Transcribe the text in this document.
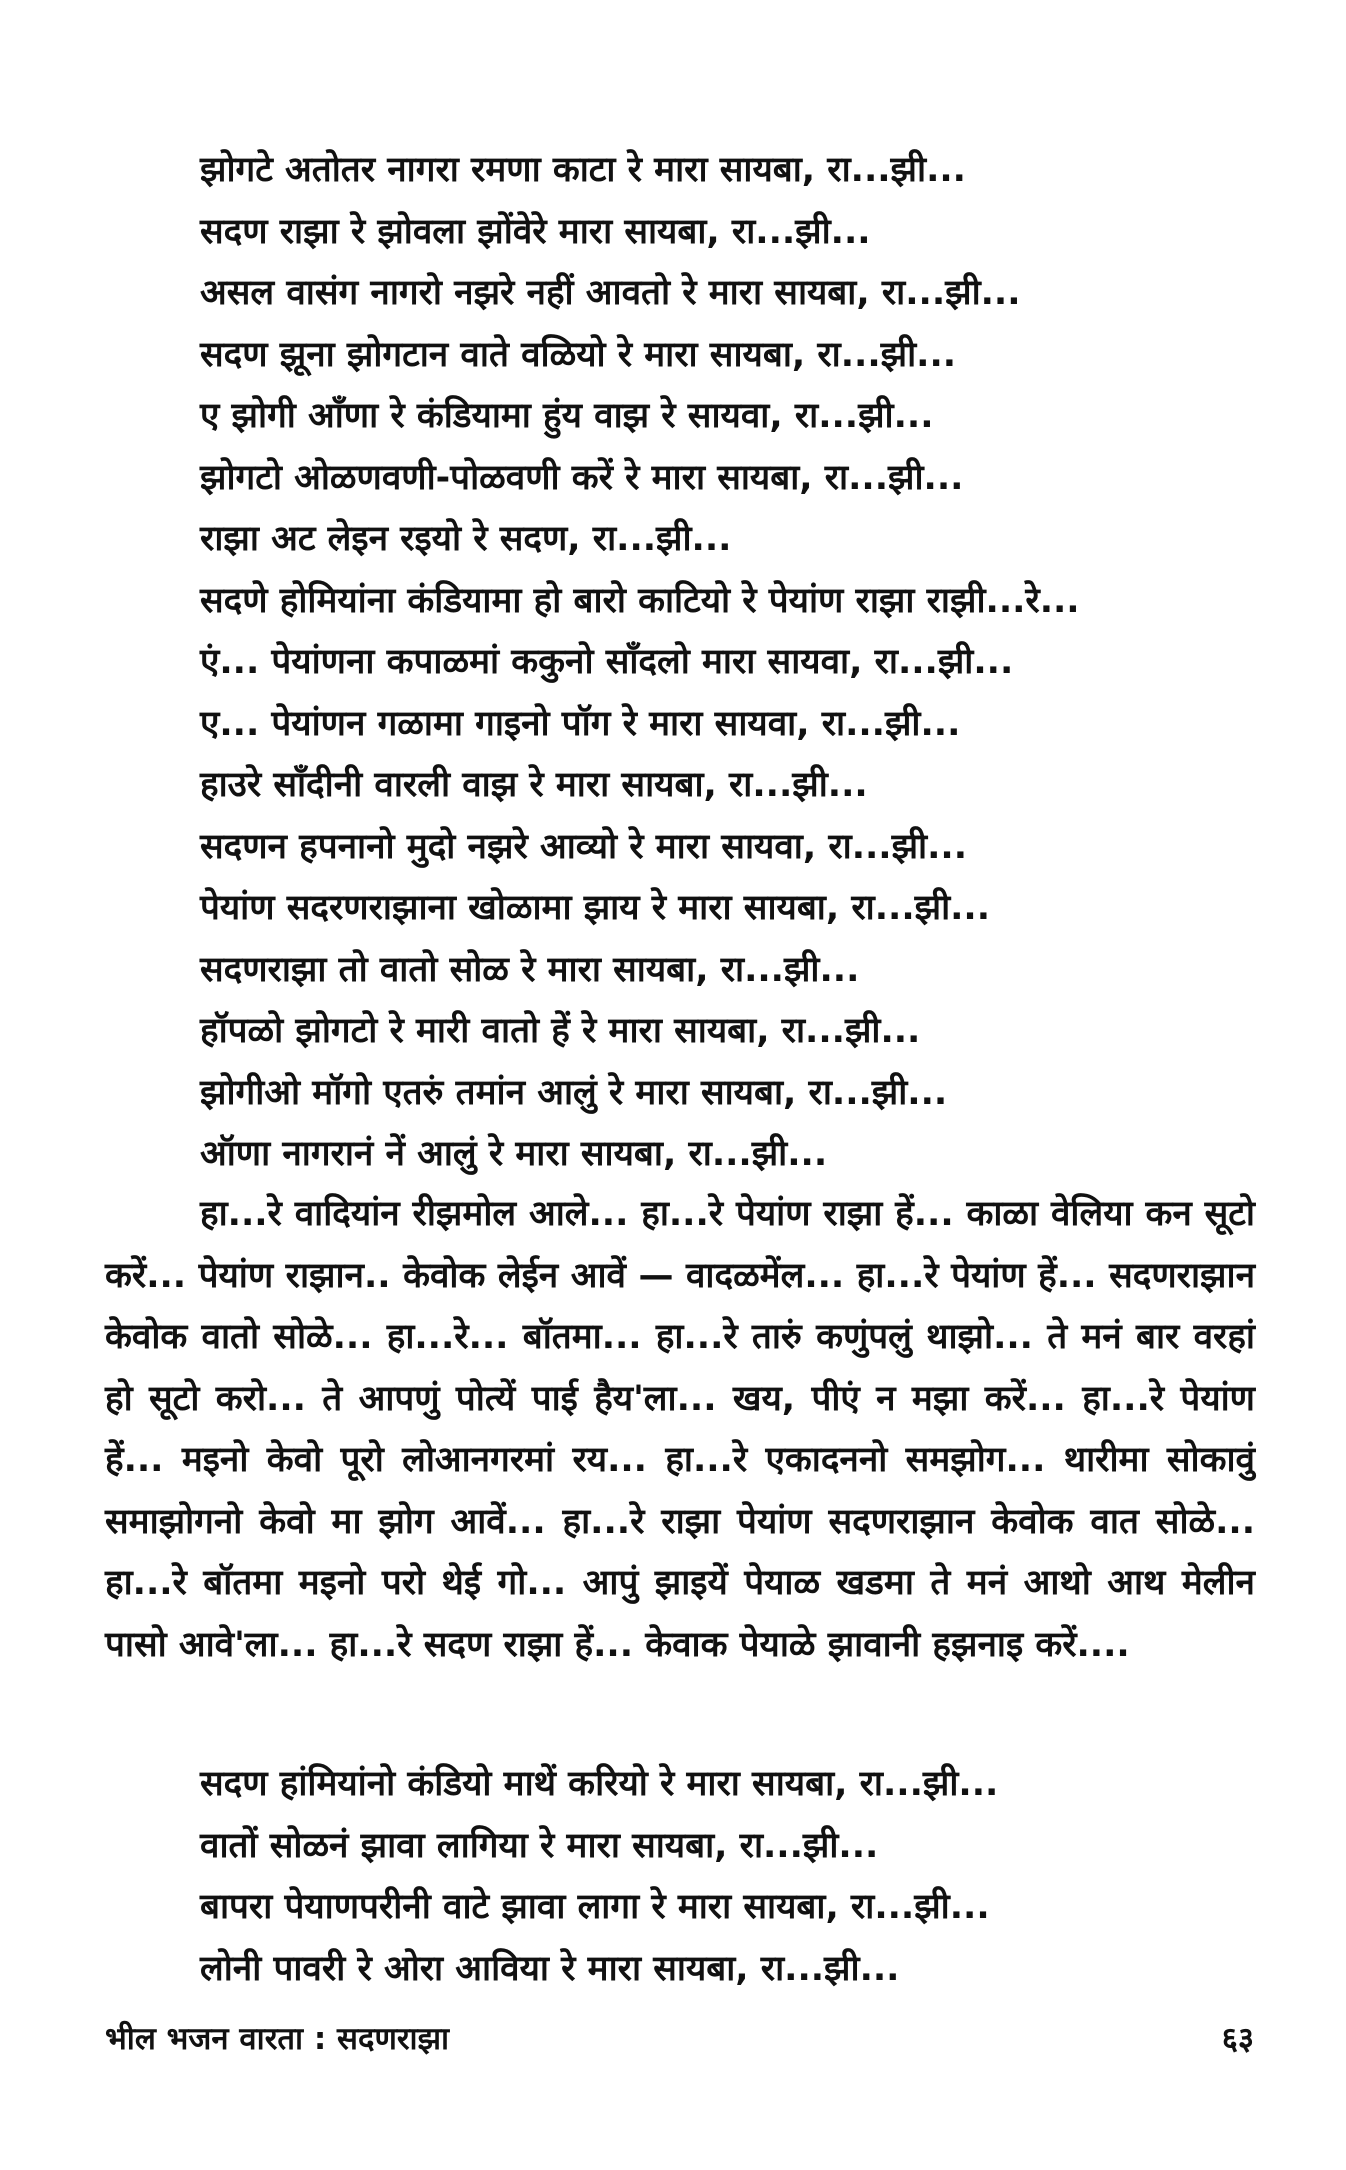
झोगटे अतोतर नागरा रमणा काटा रे मारा सायबा, रा...झी...
सदण राझा रे झोवला झोंवेरे मारा सायबा, रा...झी...
असल वासंग नागरो नझरे नहीं आवतो रे मारा सायबा, रा...झी...
सदण झूना झोगटान वाते वळियो रे मारा सायबा, रा...झी...
ए झोगी आँणा रे कंडियामा हुंय वाझ रे सायवा, रा...झी...
झोगटो ओळणवणी-पोळवणी करें रे मारा सायबा, रा...झी...
राझा अट लेइन रइयो रे सदण, रा...झी...
सदणे होमियांना कंडियामा हो बारो काटियो रे पेयांण राझा राझी...रे...
एं... पेयांणना कपाळमां ककुनो साँदलो मारा सायवा, रा...झी...
ए... पेयांणन गळामा गाइनो पॉग रे मारा सायवा, रा...झी...
हाउरे साँदीनी वारली वाझ रे मारा सायबा, रा...झी...
सदणन हपनानो मुदो नझरे आव्यो रे मारा सायवा, रा...झी...
पेयांण सदरणराझाना खोळामा झाय रे मारा सायबा, रा...झी...
सदणराझा तो वातो सोळ रे मारा सायबा, रा...झी...
हॉपळो झोगटो रे मारी वातो हें रे मारा सायबा, रा...झी...
झोगीओ मॉगो एतरुं तमांन आलुं रे मारा सायबा, रा...झी...
ऑणा नागरानं नें आलुं रे मारा सायबा, रा...झी...

हा...रे वादियांन रीझमोल आले... हा...रे पेयांण राझा हें... काळा वेलिया कन सूटो करें... पेयांण राझान.. केवोक लेईन आवें — वादळमेंल... हा...रे पेयांण हें... सदणराझान केवोक वातो सोळे... हा...रे... बॉतमा... हा...रे तारुं कणुंपलुं थाझो... ते मनं बार वरहां हो सूटो करो... ते आपणुं पोत्यें पाई हैय'ला... खय, पीएं न मझा करें... हा...रे पेयांण हें... मइनो केवो पूरो लोआनगरमां रय... हा...रे एकादननो समझोग... थारीमा सोकावुं समाझोगनो केवो मा झोग आवें... हा...रे राझा पेयांण सदणराझान केवोक वात सोळे... हा...रे बॉतमा मइनो परो थेई गो... आपुं झाइयें पेयाळ खडमा ते मनं आथो आथ मेलीन पासो आवे'ला... हा...रे सदण राझा हें... केवाक पेयाळे झावानी हझनाइ करें....

सदण हांमियांनो कंडियो माथें करियो रे मारा सायबा, रा...झी...
वातों सोळनं झावा लागिया रे मारा सायबा, रा...झी...
बापरा पेयाणपरीनी वाटे झावा लागा रे मारा सायबा, रा...झी...
लोनी पावरी रे ओरा आविया रे मारा सायबा, रा...झी...
भील भजन वारता : सदणराझा	६३
